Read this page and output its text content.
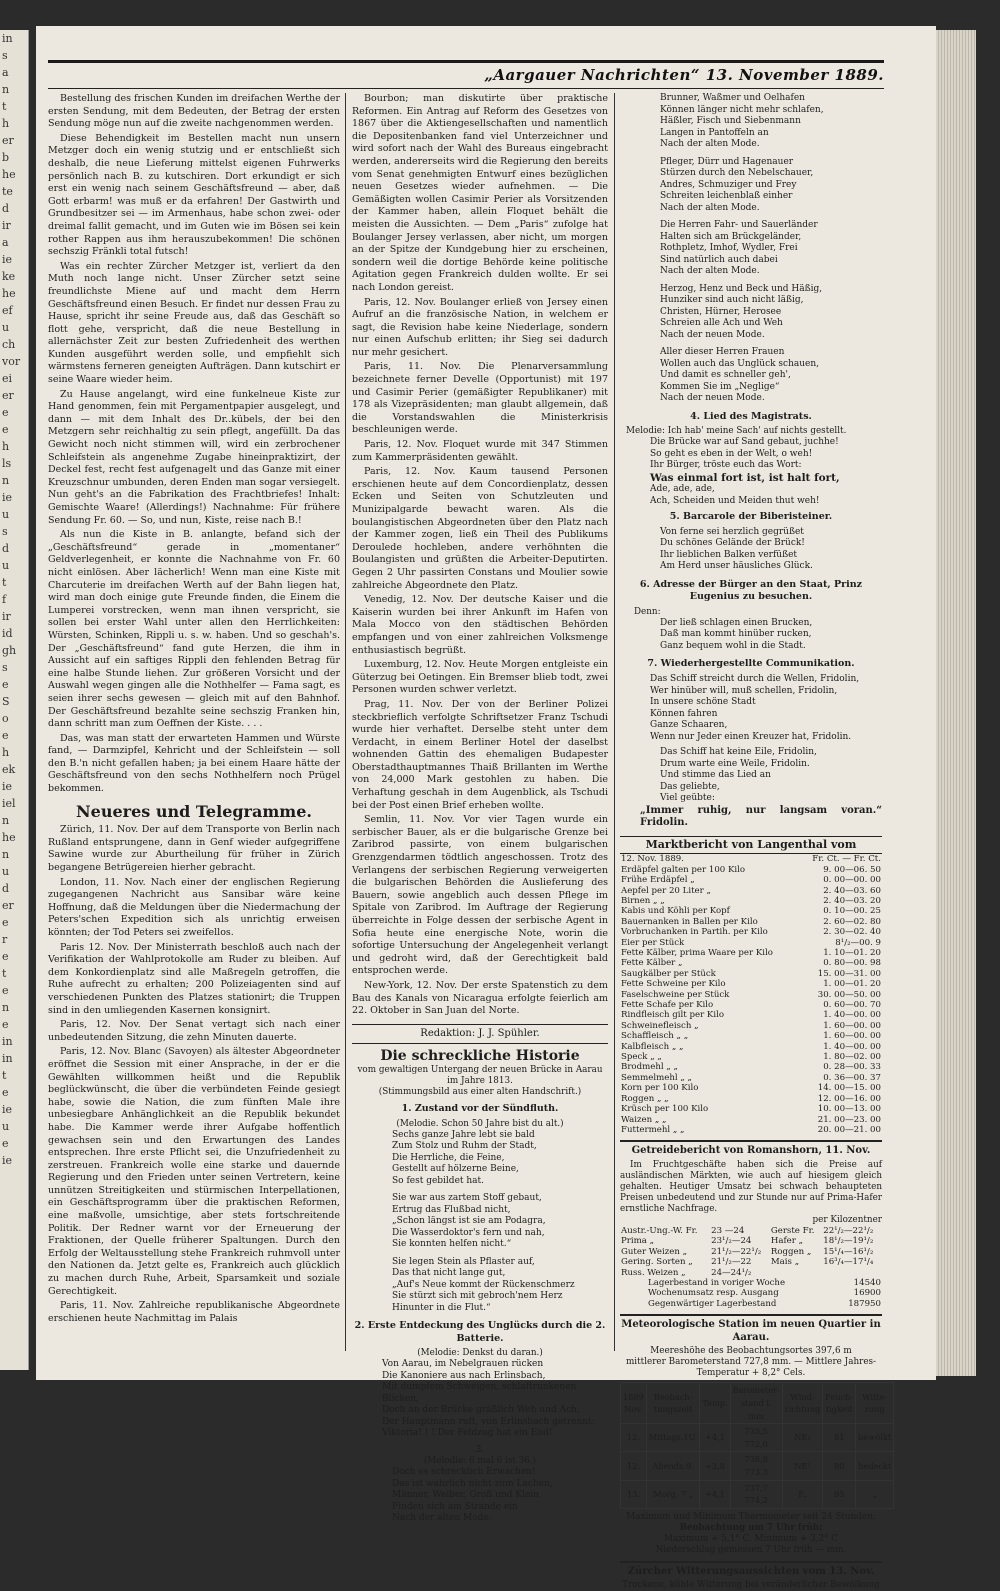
in
s
a
n
t
h
er
b
he
te
d
ir
a
ie
ke
he
ef
u
ch
vor
ei
er
e
e
h
ls
n
ie
u
s
d
u
t
f
ir
id
gh
s
e
S
o
e
h
ek
ie
iel
n
he
n
u
d
er
e
r
e
t
e
n
e
in
in
t
e
ie
u
e
ie
„Aargauer Nachrichten“ 13. November 1889.

Bestellung des frischen Kunden im dreifachen Werthe der ersten Sendung, mit dem Bedeuten, der Betrag der ersten Sendung möge nun auf die zweite nachgenommen werden.

Diese Behendigkeit im Bestellen macht nun unsern Metzger doch ein wenig stutzig und er entschließt sich deshalb, die neue Lieferung mittelst eigenen Fuhrwerks persönlich nach B. zu kutschiren. Dort erkundigt er sich erst ein wenig nach seinem Geschäftsfreund — aber, daß Gott erbarm! was muß er da erfahren! Der Gastwirth und Grundbesitzer sei — im Armenhaus, habe schon zwei- oder dreimal fallit gemacht, und im Guten wie im Bösen sei kein rother Rappen aus ihm herauszubekommen! Die schönen sechszig Fränkli total futsch!

Was ein rechter Zürcher Metzger ist, verliert da den Muth noch lange nicht. Unser Zürcher setzt seine freundlichste Miene auf und macht dem Herrn Geschäftsfreund einen Besuch. Er findet nur dessen Frau zu Hause, spricht ihr seine Freude aus, daß das Geschäft so flott gehe, verspricht, daß die neue Bestellung in allernächster Zeit zur besten Zufriedenheit des werthen Kunden ausgeführt werden solle, und empfiehlt sich wärmstens ferneren geneigten Aufträgen. Dann kutschirt er seine Waare wieder heim.

Zu Hause angelangt, wird eine funkelneue Kiste zur Hand genommen, fein mit Pergamentpapier ausgelegt, und dann — mit dem Inhalt des Dr..kübels, der bei den Metzgern sehr reichhaltig zu sein pflegt, angefüllt. Da das Gewicht noch nicht stimmen will, wird ein zerbrochener Schleifstein als angenehme Zugabe hineinpraktizirt, der Deckel fest, recht fest aufgenagelt und das Ganze mit einer Kreuzschnur umbunden, deren Enden man sogar versiegelt. Nun geht's an die Fabrikation des Frachtbriefes! Inhalt: Gemischte Waare! (Allerdings!) Nachnahme: Für frühere Sendung Fr. 60. — So, und nun, Kiste, reise nach B.!

Als nun die Kiste in B. anlangte, befand sich der „Geschäftsfreund“ gerade in „momentaner“ Geldverlegenheit, er konnte die Nachnahme von Fr. 60 nicht einlösen. Aber lächerlich! Wenn man eine Kiste mit Charcuterie im dreifachen Werth auf der Bahn liegen hat, wird man doch einige gute Freunde finden, die Einem die Lumperei vorstrecken, wenn man ihnen verspricht, sie sollen bei erster Wahl unter allen den Herrlichkeiten: Würsten, Schinken, Rippli u. s. w. haben. Und so geschah's. Der „Geschäftsfreund“ fand gute Herzen, die ihm in Aussicht auf ein saftiges Rippli den fehlenden Betrag für eine halbe Stunde liehen. Zur größeren Vorsicht und der Auswahl wegen gingen alle die Nothhelfer — Fama sagt, es seien ihrer sechs gewesen — gleich mit auf den Bahnhof. Der Geschäftsfreund bezahlte seine sechszig Franken hin, dann schritt man zum Oeffnen der Kiste. . . .

Das, was man statt der erwarteten Hammen und Würste fand, — Darmzipfel, Kehricht und der Schleifstein — soll den B.'n nicht gefallen haben; ja bei einem Haare hätte der Geschäftsfreund von den sechs Nothhelfern noch Prügel bekommen.

Neueres und Telegramme.

Zürich, 11. Nov. Der auf dem Transporte von Berlin nach Rußland entsprungene, dann in Genf wieder aufgegriffene Sawine wurde zur Aburtheilung für früher in Zürich begangene Betrügereien hierher gebracht.

London, 11. Nov. Nach einer der englischen Regierung zugegangenen Nachricht aus Sansibar wäre keine Hoffnung, daß die Meldungen über die Niedermachung der Peters'schen Expedition sich als unrichtig erweisen könnten; der Tod Peters sei zweifellos.

Paris 12. Nov. Der Ministerrath beschloß auch nach der Verifikation der Wahlprotokolle am Ruder zu bleiben. Auf dem Konkordienplatz sind alle Maßregeln getroffen, die Ruhe aufrecht zu erhalten; 200 Polizeiagenten sind auf verschiedenen Punkten des Platzes stationirt; die Truppen sind in den umliegenden Kasernen konsignirt.

Paris, 12. Nov. Der Senat vertagt sich nach einer unbedeutenden Sitzung, die zehn Minuten dauerte.

Paris, 12. Nov. Blanc (Savoyen) als ältester Abgeordneter eröffnet die Session mit einer Ansprache, in der er die Gewählten willkommen heißt und die Republik beglückwünscht, die über die verbündeten Feinde gesiegt habe, sowie die Nation, die zum fünften Male ihre unbesiegbare Anhänglichkeit an die Republik bekundet habe. Die Kammer werde ihrer Aufgabe hoffentlich gewachsen sein und den Erwartungen des Landes entsprechen. Ihre erste Pflicht sei, die Unzufriedenheit zu zerstreuen. Frankreich wolle eine starke und dauernde Regierung und den Frieden unter seinen Vertretern, keine unnützen Streitigkeiten und stürmischen Interpellationen, ein Geschäftsprogramm über die praktischen Reformen, eine maßvolle, umsichtige, aber stets fortschreitende Politik. Der Redner warnt vor der Erneuerung der Fraktionen, der Quelle früherer Spaltungen. Durch den Erfolg der Weltausstellung stehe Frankreich ruhmvoll unter den Nationen da. Jetzt gelte es, Frankreich auch glücklich zu machen durch Ruhe, Arbeit, Sparsamkeit und soziale Gerechtigkeit.

Paris, 11. Nov. Zahlreiche republikanische Abgeordnete erschienen heute Nachmittag im Palais

Bourbon; man diskutirte über praktische Reformen. Ein Antrag auf Reform des Gesetzes von 1867 über die Aktiengesellschaften und namentlich die Depositenbanken fand viel Unterzeichner und wird sofort nach der Wahl des Bureaus eingebracht werden, andererseits wird die Regierung den bereits vom Senat genehmigten Entwurf eines bezüglichen neuen Gesetzes wieder aufnehmen. — Die Gemäßigten wollen Casimir Perier als Vorsitzenden der Kammer haben, allein Floquet behält die meisten die Aussichten. — Dem „Paris“ zufolge hat Boulanger Jersey verlassen, aber nicht, um morgen an der Spitze der Kundgebung hier zu erscheinen, sondern weil die dortige Behörde keine politische Agitation gegen Frankreich dulden wollte. Er sei nach London gereist.

Paris, 12. Nov. Boulanger erließ von Jersey einen Aufruf an die französische Nation, in welchem er sagt, die Revision habe keine Niederlage, sondern nur einen Aufschub erlitten; ihr Sieg sei dadurch nur mehr gesichert.

Paris, 11. Nov. Die Plenarversammlung bezeichnete ferner Develle (Opportunist) mit 197 und Casimir Perier (gemäßigter Republikaner) mit 178 als Vizepräsidenten; man glaubt allgemein, daß die Vorstandswahlen die Ministerkrisis beschleunigen werde.

Paris, 12. Nov. Floquet wurde mit 347 Stimmen zum Kammerpräsidenten gewählt.

Paris, 12. Nov. Kaum tausend Personen erschienen heute auf dem Concordienplatz, dessen Ecken und Seiten von Schutzleuten und Munizipalgarde bewacht waren. Als die boulangistischen Abgeordneten über den Platz nach der Kammer zogen, ließ ein Theil des Publikums Deroulede hochleben, andere verhöhnten die Boulangisten und grüßten die Arbeiter-Deputirten. Gegen 2 Uhr passirten Constans und Moulier sowie zahlreiche Abgeordnete den Platz.

Venedig, 12. Nov. Der deutsche Kaiser und die Kaiserin wurden bei ihrer Ankunft im Hafen von Mala Mocco von den städtischen Behörden empfangen und von einer zahlreichen Volksmenge enthusiastisch begrüßt.

Luxemburg, 12. Nov. Heute Morgen entgleiste ein Güterzug bei Oetingen. Ein Bremser blieb todt, zwei Personen wurden schwer verletzt.

Prag, 11. Nov. Der von der Berliner Polizei steckbrieflich verfolgte Schriftsetzer Franz Tschudi wurde hier verhaftet. Derselbe steht unter dem Verdacht, in einem Berliner Hotel der daselbst wohnenden Gattin des ehemaligen Budapester Oberstadthauptmannes Thaiß Brillanten im Werthe von 24,000 Mark gestohlen zu haben. Die Verhaftung geschah in dem Augenblick, als Tschudi bei der Post einen Brief erheben wollte.

Semlin, 11. Nov. Vor vier Tagen wurde ein serbischer Bauer, als er die bulgarische Grenze bei Zaribrod passirte, von einem bulgarischen Grenzgendarmen tödtlich angeschossen. Trotz des Verlangens der serbischen Regierung verweigerten die bulgarischen Behörden die Auslieferung des Bauern, sowie angeblich auch dessen Pflege im Spitale von Zaribrod. Im Auftrage der Regierung überreichte in Folge dessen der serbische Agent in Sofia heute eine energische Note, worin die sofortige Untersuchung der Angelegenheit verlangt und gedroht wird, daß der Gerechtigkeit bald entsprochen werde.

New-York, 12. Nov. Der erste Spatenstich zu dem Bau des Kanals von Nicaragua erfolgte feierlich am 22. Oktober in San Juan del Norte.

Redaktion: J. J. Spühler.
Die schreckliche Historie
vom gewaltigen Untergang der neuen Brücke in Aarau im Jahre 1813.
(Stimmungsbild aus einer alten Handschrift.)
1. Zustand vor der Sündfluth.
(Melodie. Schon 50 Jahre bist du alt.)
Sechs ganze Jahre lebt sie bald
Zum Stolz und Ruhm der Stadt,
Die Herrliche, die Feine,
Gestellt auf hölzerne Beine,
So fest gebildet hat.
Sie war aus zartem Stoff gebaut,
Ertrug das Flußbad nicht,
„Schon längst ist sie am Podagra,
Die Wasserdoktor's fern und nah,
Sie konnten helfen nicht.“
Sie legen Stein als Pflaster auf,
Das that nicht lange gut,
„Auf's Neue kommt der Rückenschmerz
Sie stürzt sich mit gebroch'nem Herz
Hinunter in die Flut.“
2. Erste Entdeckung des Unglücks durch die 2. Batterie.
(Melodie: Denkst du daran.)
Von Aarau, im Nebelgrauen rücken
Die Kanoniere aus nach Erlinsbach,
Mit dumpfem Schweigen, schlaftrunkenen Blicken,
Doch an der Brücke gräßlich Weh und Ach,
Der Hauptmann ruft, von Erlinsbach getrennt:
Viktoria! ! ! Der Feldzug hat ein End!
3.
(Melodie: 6 mal 6 ist 36.)
Doch es schrecklich Erwachen!
Das ist wahrlich nicht zum Lachen,
Männer, Weiber, Groß und Klein
Finden sich am Strande ein
Nach der alten Mode.
Brunner, Waßmer und Oelhafen
Können länger nicht mehr schlafen,
Häßler, Fisch und Siebenmann
Langen in Pantoffeln an
Nach der alten Mode.
Pfleger, Dürr und Hagenauer
Stürzen durch den Nebelschauer,
Andres, Schmuziger und Frey
Schreiten leichenblaß einher
Nach der alten Mode.
Die Herren Fahr- und Sauerländer
Halten sich am Brückgeländer,
Rothpletz, Imhof, Wydler, Frei
Sind natürlich auch dabei
Nach der alten Mode.
Herzog, Henz und Beck und Häßig,
Hunziker sind auch nicht läßig,
Christen, Hürner, Herosee
Schreien alle Ach und Weh
Nach der neuen Mode.
Aller dieser Herren Frauen
Wollen auch das Unglück schauen,
Und damit es schneller geh',
Kommen Sie im „Neglige“
Nach der neuen Mode.
4. Lied des Magistrats.
Melodie: Ich hab' meine Sach' auf nichts gestellt.
Die Brücke war auf Sand gebaut, juchhe!
So geht es eben in der Welt, o weh!
Ihr Bürger, tröste euch das Wort:
Was einmal fort ist, ist halt fort,
Ade, ade, ade,
Ach, Scheiden und Meiden thut weh!
5. Barcarole der Biberisteiner.
Von ferne sei herzlich gegrüßet
Du schönes Gelände der Brück!
Ihr lieblichen Balken verfüßet
Am Herd unser häusliches Glück.
6. Adresse der Bürger an den Staat, Prinz Eugenius zu besuchen.
Denn:
Der ließ schlagen einen Brucken,
Daß man kommt hinüber rucken,
Ganz bequem wohl in die Stadt.
7. Wiederhergestellte Communikation.
Das Schiff streicht durch die Wellen, Fridolin,
Wer hinüber will, muß schellen, Fridolin,
In unsere schöne Stadt
Können fahren
Ganze Schaaren,
Wenn nur Jeder einen Kreuzer hat, Fridolin.
Das Schiff hat keine Eile, Fridolin,
Drum warte eine Weile, Fridolin.
Und stimme das Lied an
Das geliebte,
Viel geübte:
„Immer ruhig, nur langsam voran.“ Fridolin.
Marktbericht von Langenthal vom
12. Nov. 1889.	Fr. Ct. — Fr. Ct.
Erdäpfel galten per 100 Kilo	9. 00—06. 50
Frühe Erdäpfel „	0. 00—00. 00
Aepfel per 20 Liter „	2. 40—03. 60
Birnen „ „	2. 40—03. 20
Kabis und Köhli per Kopf	0. 10—00. 25
Bauernanken in Ballen per Kilo	2. 60—02. 80
Vorbruchanken in Partih. per Kilo	2. 30—02. 40
Eier per Stück	8¹/₂—00. 9
Fette Kälber, prima Waare per Kilo	1. 10—01. 20
Fette Kälber „	0. 80—00. 98
Saugkälber per Stück	15. 00—31. 00
Fette Schweine per Kilo	1. 00—01. 20
Faselschweine per Stück	30. 00—50. 00
Fette Schafe per Kilo	0. 60—00. 70
Rindfleisch gilt per Kilo	1. 40—00. 00
Schweinefleisch „	1. 60—00. 00
Schaffleisch „ „	1. 60—00. 00
Kalbfleisch „ „	1. 40—00. 00
Speck „ „	1. 80—02. 00
Brodmehl „ „	0. 28—00. 33
Semmelmehl „ „	0. 36—00. 37
Korn per 100 Kilo	14. 00—15. 00
Roggen „ „	12. 00—16. 00
Krüsch per 100 Kilo	10. 00—13. 00
Waizen „ „	21. 00—23. 00
Futtermehl „ „	20. 00—21. 00
Getreidebericht von Romanshorn, 11. Nov.
Im Fruchtgeschäfte haben sich die Preise auf ausländischen Märkten, wie auch auf hiesigem gleich gehalten. Heutiger Umsatz bei schwach behaupteten Preisen unbedeutend und zur Stunde nur auf Prima-Hafer ernstliche Nachfrage.
per Kilozentner
Austr.-Ung.-W. Fr.	23 —24	Gerste Fr.	22¹/₂—22¹/₂
Prima „	23¹/₂—24	Hafer „	18¹/₂—19¹/₂
Guter Weizen „	21¹/₂—22¹/₂	Roggen „	15¹/₄—16¹/₂
Gering. Sorten „	21¹/₂—22	Mais „	16³/₄—17¹/₄
Russ. Weizen „	24—24¹/₂		
Lagerbestand in voriger Woche	14540
Wochenumsatz resp. Ausgang	16900
Gegenwärtiger Lagerbestand	187950
Meteorologische Station im neuen Quartier in Aarau.
Meereshöhe des Beobachtungsortes 397,6 m
mittlerer Barometerstand 727,8 mm. — Mittlere Jahres-
Temperatur + 8,2° Cels.
1889 Nov.	Beobachtungszeit	Temp.	Barometerstand i. mm	Windrichtung	Feuchtigkeit	Witterung
12.	Mittags.1U.	+4,1	735,5 772,0	NE₁	81	bewölkt
12.	Abends.9.	+3,8	736,8 773,3	NE¹	80	bedeckt
13.	Morg. 7 „	+4,1	737,7 774,2	E,	95	„
Maximum und Minimum Thermometer seit 24 Stunden:
Beobachtung um 7 Uhr früh:
Maximum + 5,1° C. Minimum + 3,2° C
Niederschlag gemessen 7 Uhr früh — mm.
Zürcher Witterungsaussichten vom 13. Nov.
Trockene, kühle Witterung bei veränderlicher Bewölkung
